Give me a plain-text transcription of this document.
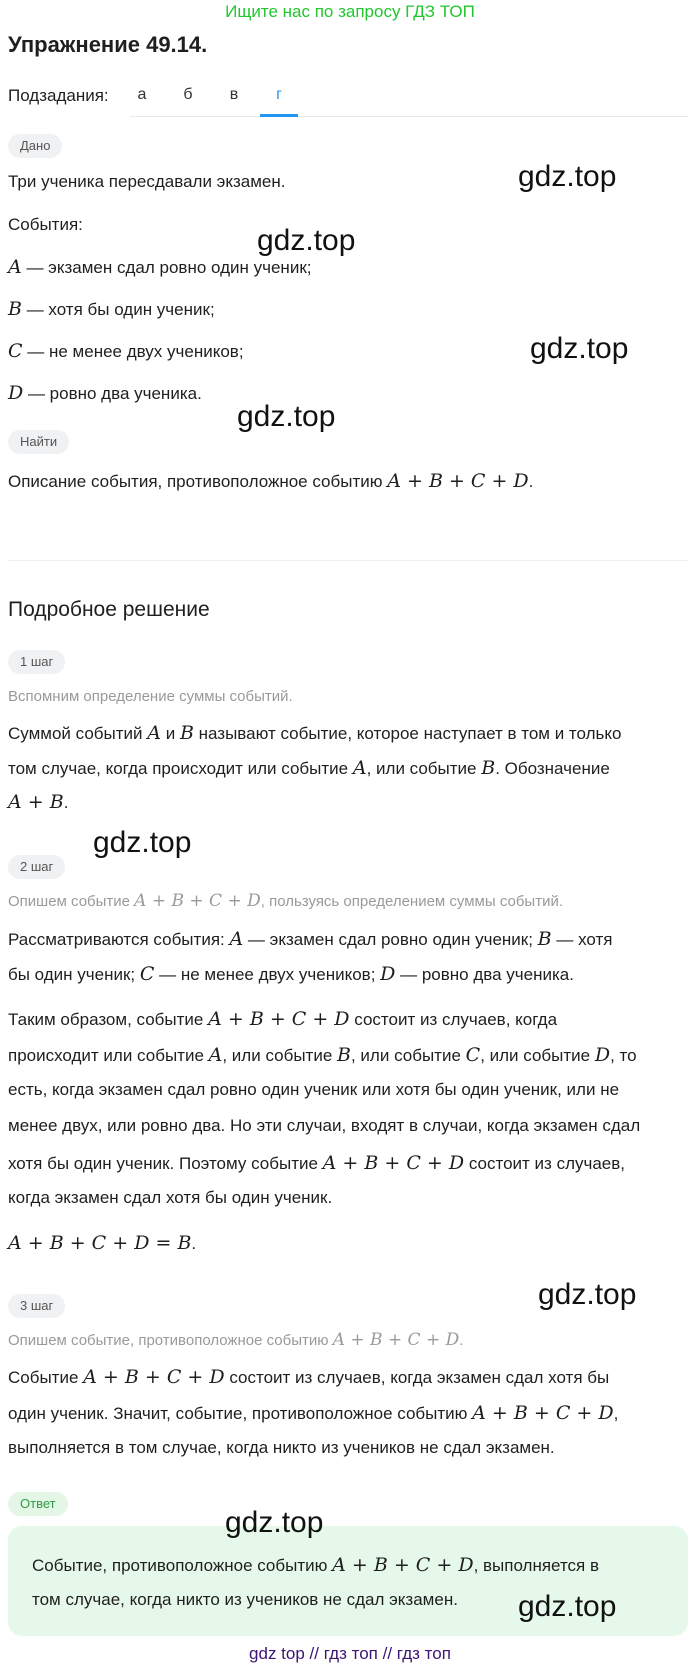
Ищите нас по запросу ГДЗ ТОП
Упражнение 49.14.
Подзадания:	а	б	в	г
Дано
Три ученика пересдавали экзамен.
События:
A — экзамен сдал ровно один ученик;
B — хотя бы один ученик;
C — не менее двух учеников;
D — ровно два ученика.
Найти
Описание события, противоположное событию A + B + C + D.
Подробное решение
1 шаг
Вспомним определение суммы событий.
Суммой событий A и B называют событие, которое наступает в том и только
том случае, когда происходит или событие A, или событие B. Обозначение
A + B.
2 шаг
Опишем событие A + B + C + D, пользуясь определением суммы событий.
Рассматриваются события: A — экзамен сдал ровно один ученик; B — хотя
бы один ученик; C — не менее двух учеников; D — ровно два ученика.
Таким образом, событие A + B + C + D состоит из случаев, когда
происходит или событие A, или событие B, или событие C, или событие D, то
есть, когда экзамен сдал ровно один ученик или хотя бы один ученик, или не
менее двух, или ровно два. Но эти случаи, входят в случаи, когда экзамен сдал
хотя бы один ученик. Поэтому событие A + B + C + D состоит из случаев,
когда экзамен сдал хотя бы один ученик.
A + B + C + D = B.
3 шаг
Опишем событие, противоположное событию A + B + C + D.
Событие A + B + C + D состоит из случаев, когда экзамен сдал хотя бы
один ученик. Значит, событие, противоположное событию A + B + C + D,
выполняется в том случае, когда никто из учеников не сдал экзамен.
Ответ
Событие, противоположное событию A + B + C + D, выполняется в
том случае, когда никто из учеников не сдал экзамен.
gdz.top
gdz.top
gdz.top
gdz.top
gdz.top
gdz.top
gdz.top
gdz.top
gdz top // гдз топ // гдз топ
